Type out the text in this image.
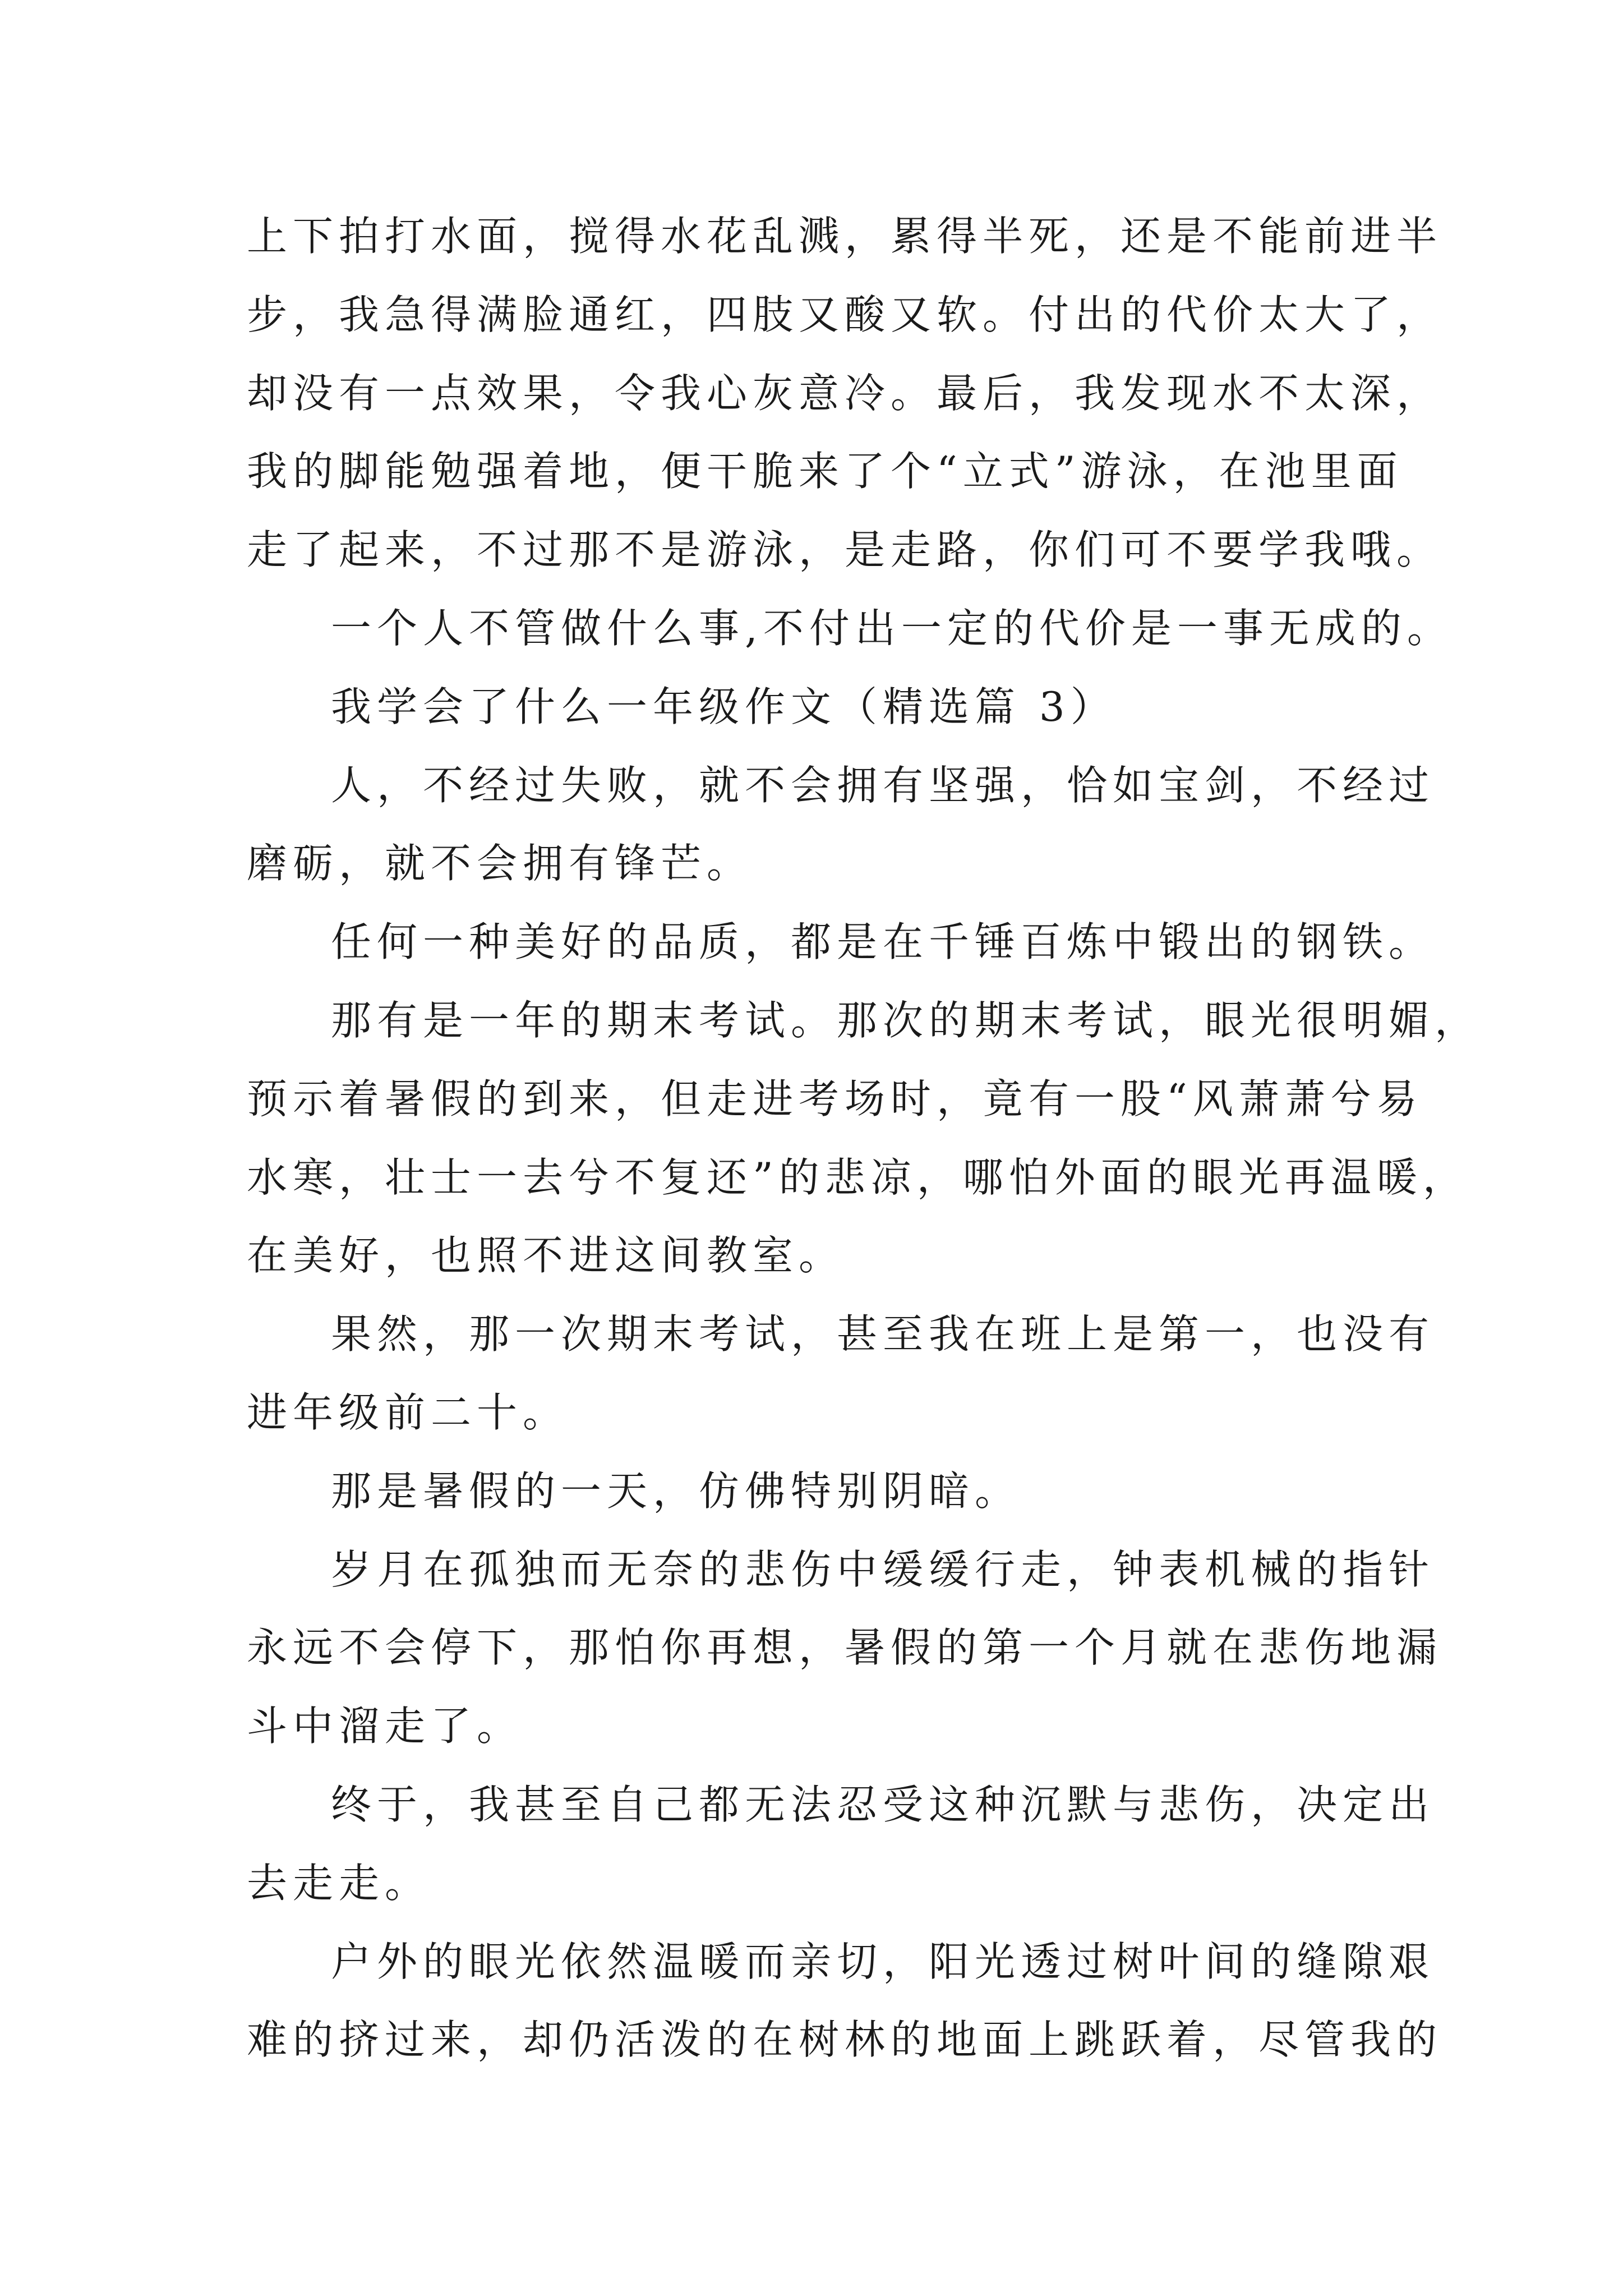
上下拍打水面，搅得水花乱溅，累得半死，还是不能前进半

步，我急得满脸通红，四肢又酸又软。付出的代价太大了，

却没有一点效果，令我心灰意冷。最后，我发现水不太深，

我的脚能勉强着地，便干脆来了个“立式”游泳，在池里面

走了起来，不过那不是游泳，是走路，你们可不要学我哦。

一个人不管做什么事,不付出一定的代价是一事无成的。

我学会了什么一年级作文（精选篇 3）

人，不经过失败，就不会拥有坚强，恰如宝剑，不经过

磨砺，就不会拥有锋芒。

任何一种美好的品质，都是在千锤百炼中锻出的钢铁。

那有是一年的期末考试。那次的期末考试，眼光很明媚，

预示着暑假的到来，但走进考场时，竟有一股“风萧萧兮易

水寒，壮士一去兮不复还”的悲凉，哪怕外面的眼光再温暖，

在美好，也照不进这间教室。

果然，那一次期末考试，甚至我在班上是第一，也没有

进年级前二十。

那是暑假的一天，仿佛特别阴暗。

岁月在孤独而无奈的悲伤中缓缓行走，钟表机械的指针

永远不会停下，那怕你再想，暑假的第一个月就在悲伤地漏

斗中溜走了。

终于，我甚至自己都无法忍受这种沉默与悲伤，决定出

去走走。

户外的眼光依然温暖而亲切，阳光透过树叶间的缝隙艰

难的挤过来，却仍活泼的在树林的地面上跳跃着，尽管我的
